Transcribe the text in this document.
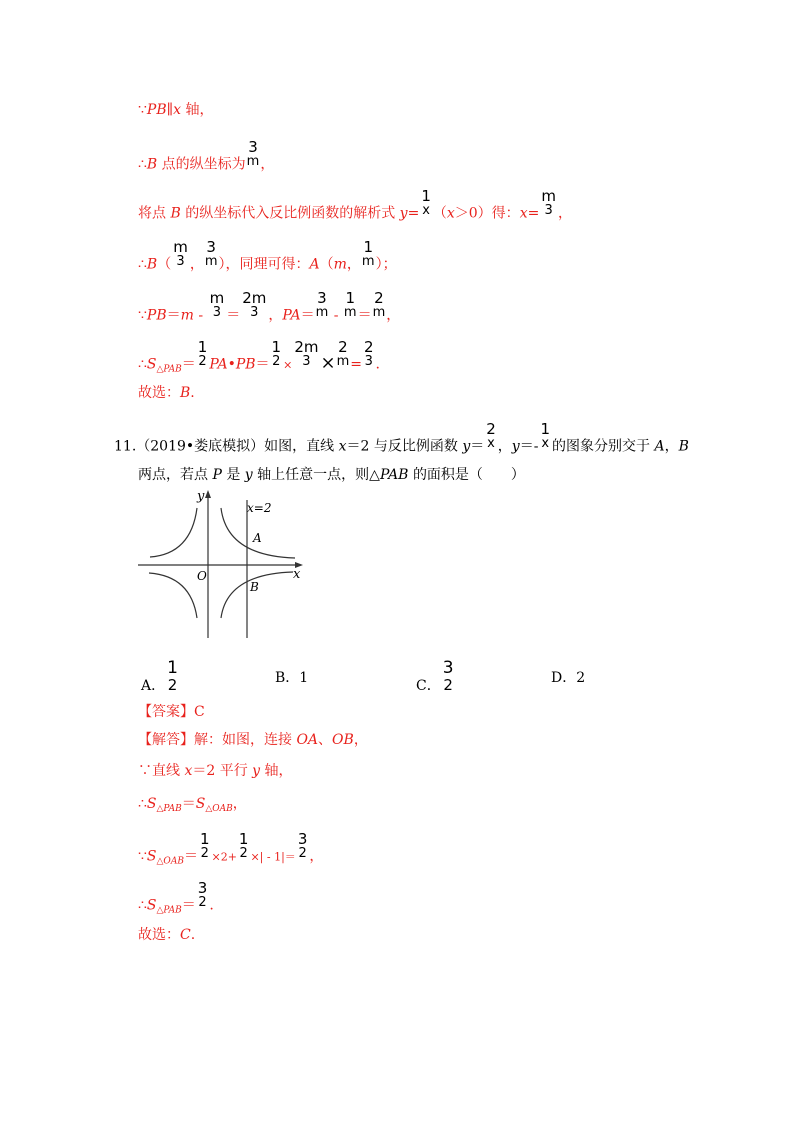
∵PB∥x 轴，
∴B 点的纵坐标为
3
m ，
将点 B 的纵坐标代入反比例函数的解析式 y=
1
x （x＞0）得：x=
m
3 ，
∴B（
m
3 ，
3
m ），同理可得：A（m，
1
m ）；
∵PB＝m -
m
3 ＝
2m
3 ，PA＝
3
m -
1
m ＝
2
m ，
$\therefore S_{\triangle PAB}=$
1
2 PA•PB＝
1
2 ×
2m
3 ×
2
m =
2
3 .
故选：B.
11.（2019•娄底模拟）如图，直线 x＝2 与反比例函数 y＝
2
x ，y＝-
1
x 的图象分别交于 A，B
两点，若点 P 是 y 轴上任意一点，则△PAB 的面积是（　　）
y
x
O
x=2
A
B
A．
1
2	B．1	C．
3
2	D．2
【答案】C
【解答】解：如图，连接 OA、OB，
∵直线 x＝2 平行 y 轴，
$\therefore S_{\triangle PAB}=S_{\triangle OAB}$，
$\because S_{\triangle OAB}=$
1
2 ×2+
1
2 ×| - 1|＝
3
2 ，
$\therefore S_{\triangle PAB}=$
3
2 .
故选：C.
